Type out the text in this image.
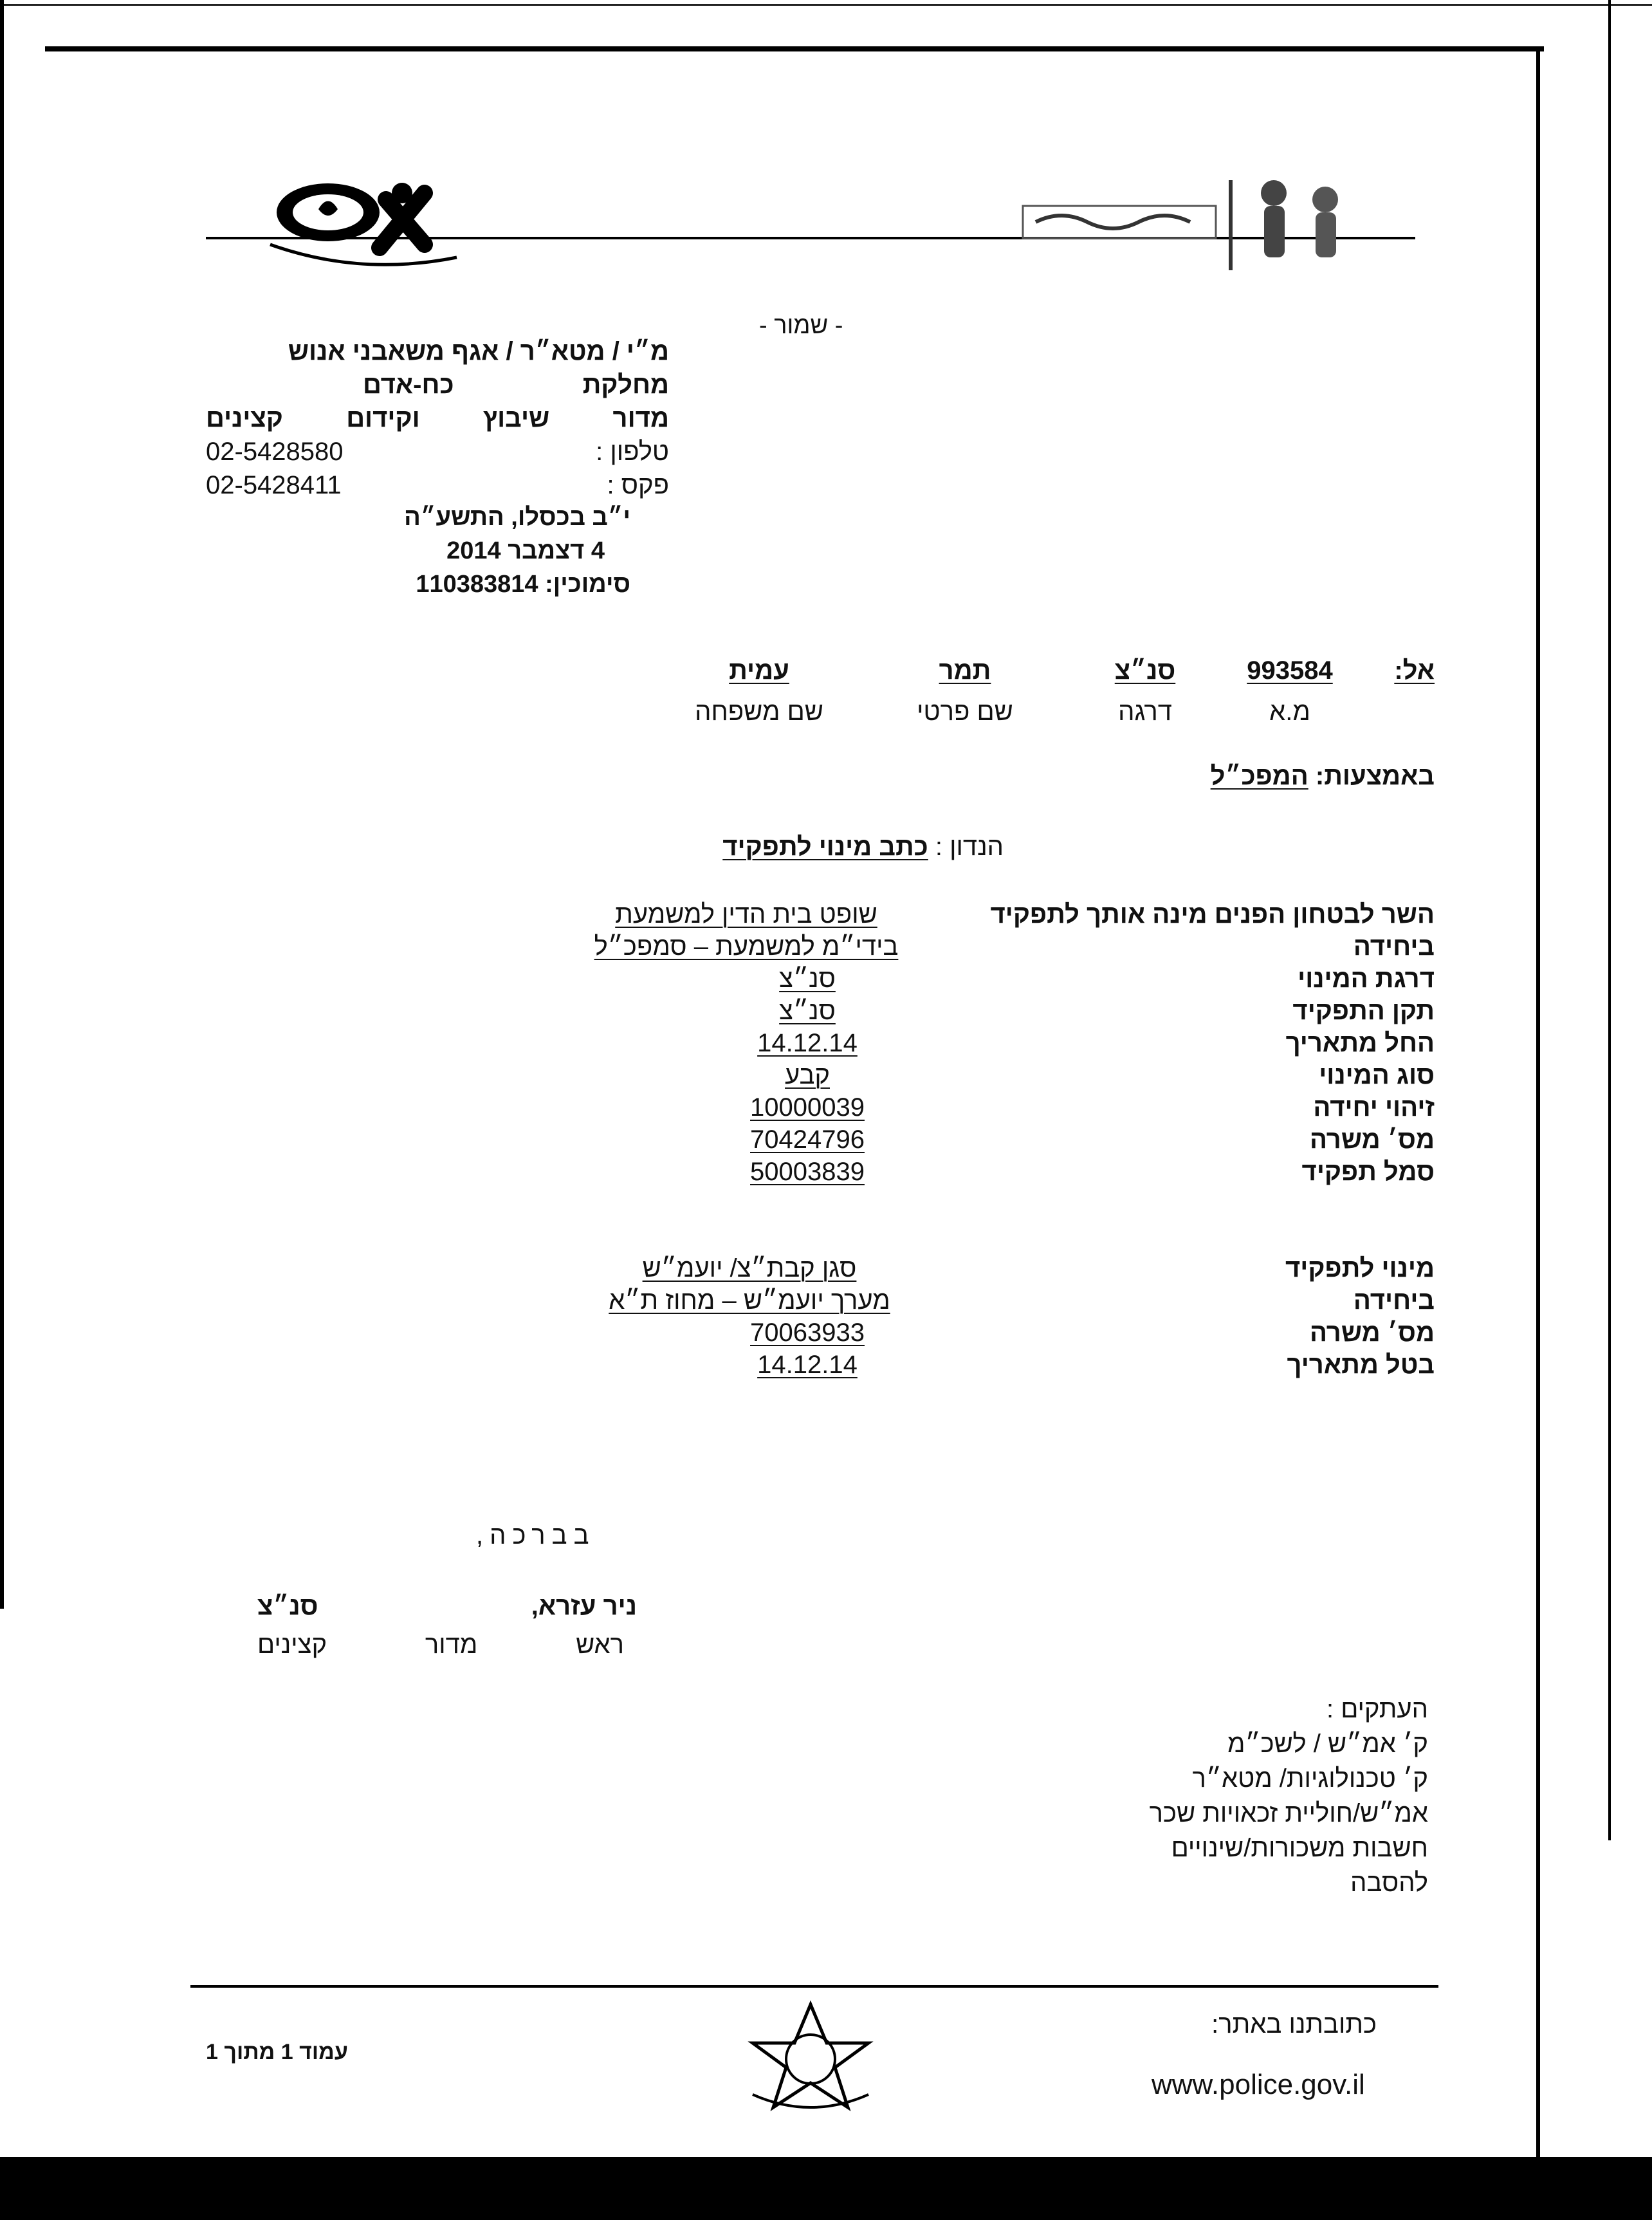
- שמור -
מ״י / מטא״ר / אגף משאבני אנוש
מחלקת
כח-אדם
מדור
שיבוץ
וקידום
קצינים
טלפון :
02-5428580
פקס :
02-5428411
י״ב בכסלו, התשע״ה
4 דצמבר 2014
סימוכין: 110383814
אל:
993584
סנ״צ
תמר
עמית
מ.א
דרגה
שם פרטי
שם משפחה
באמצעות: המפכ״ל
הנדון : כתב מינוי לתפקיד
השר לבטחון הפנים מינה אותך לתפקיד
שופט בית הדין למשמעת
ביחידה
בידי״מ למשמעת – סמפכ״ל
דרגת המינוי
סנ״צ
תקן התפקיד
סנ״צ
החל מתאריך
14.12.14
סוג המינוי
קבע
זיהוי יחידה
10000039
מס׳ משרה
70424796
סמל תפקיד
50003839
מינוי לתפקיד
סגן קבת״צ/ יועמ״ש
ביחידה
מערך יועמ״ש – מחוז ת״א
מס׳ משרה
70063933
בטל מתאריך
14.12.14
בברכה,
ניר עזרא,
סנ״צ
ראש
מדור
קצינים
העתקים :
ק׳ אמ״ש / לשכ״מ
ק׳ טכנולוגיות/ מטא״ר
אמ״ש/חוליית זכאויות שכר
חשבות משכורות/שינויים
להסבה
כתובתנו באתר:
www.police.gov.il
עמוד 1 מתוך 1
